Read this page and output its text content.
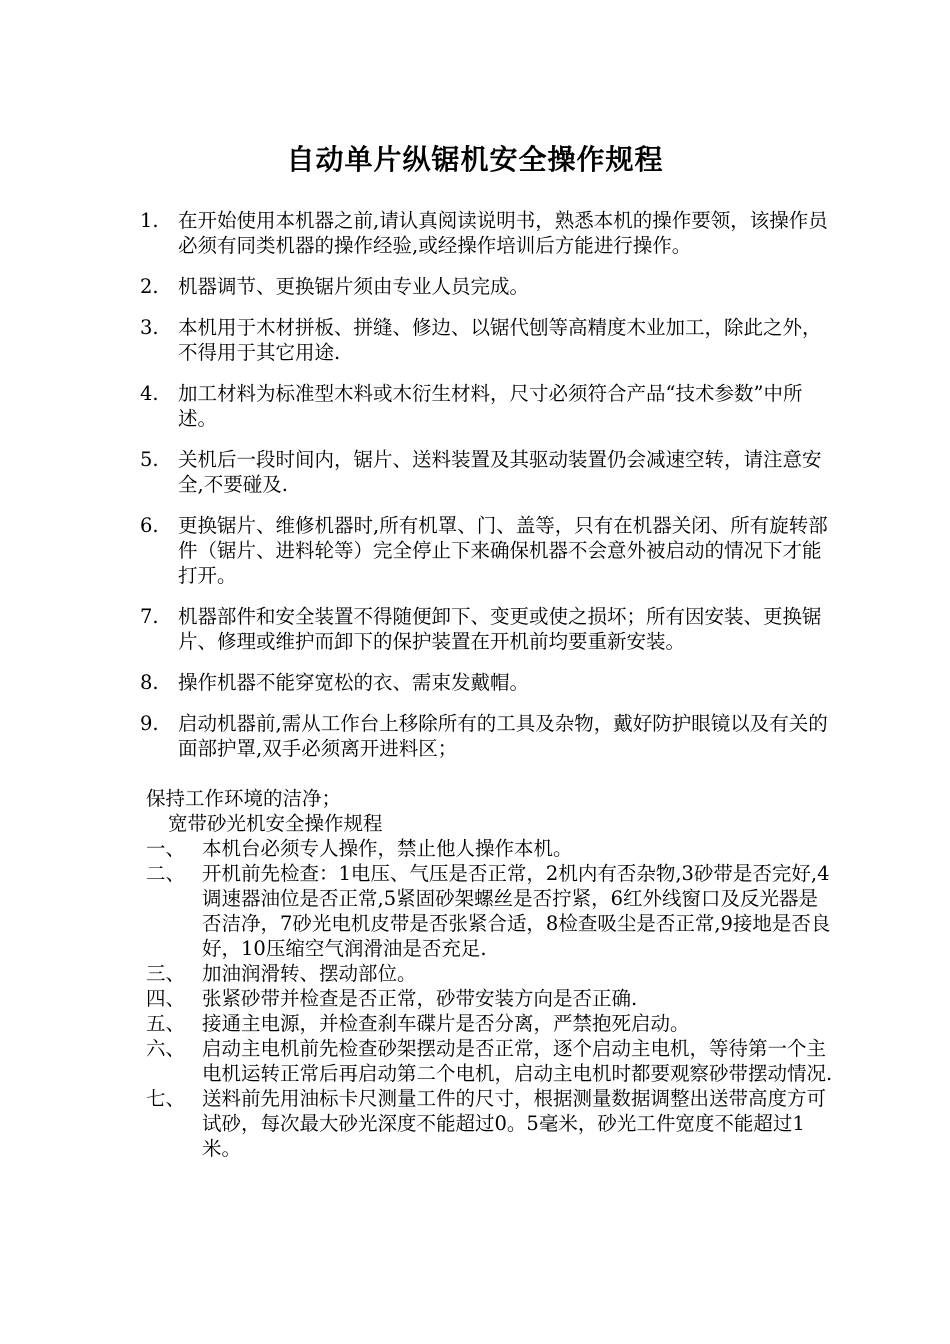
自动单片纵锯机安全操作规程
1. 在开始使用本机器之前,请认真阅读说明书，熟悉本机的操作要领，该操作员必须有同类机器的操作经验,或经操作培训后方能进行操作。
2. 机器调节、更换锯片须由专业人员完成。
3. 本机用于木材拼板、拼缝、修边、以锯代刨等高精度木业加工，除此之外，不得用于其它用途.
4. 加工材料为标准型木料或木衍生材料，尺寸必须符合产品“技术参数”中所述。
5. 关机后一段时间内，锯片、送料装置及其驱动装置仍会减速空转，请注意安全,不要碰及.
6. 更换锯片、维修机器时,所有机罩、门、盖等，只有在机器关闭、所有旋转部件（锯片、进料轮等）完全停止下来确保机器不会意外被启动的情况下才能打开。
7. 机器部件和安全装置不得随便卸下、变更或使之损坏；所有因安装、更换锯片、修理或维护而卸下的保护装置在开机前均要重新安装。
8. 操作机器不能穿宽松的衣、需束发戴帽。
9. 启动机器前,需从工作台上移除所有的工具及杂物，戴好防护眼镜以及有关的面部护罩,双手必须离开进料区；
保持工作环境的洁净；
宽带砂光机安全操作规程
一、 本机台必须专人操作，禁止他人操作本机。
二、 开机前先检查：1电压、气压是否正常，2机内有否杂物,3砂带是否完好,4调速器油位是否正常,5紧固砂架螺丝是否拧紧，6红外线窗口及反光器是否洁净，7砂光电机皮带是否张紧合适，8检查吸尘是否正常,9接地是否良好，10压缩空气润滑油是否充足.
三、 加油润滑转、摆动部位。
四、 张紧砂带并检查是否正常，砂带安装方向是否正确.
五、 接通主电源，并检查刹车碟片是否分离，严禁抱死启动。
六、 启动主电机前先检查砂架摆动是否正常，逐个启动主电机，等待第一个主电机运转正常后再启动第二个电机，启动主电机时都要观察砂带摆动情况.
七、 送料前先用油标卡尺测量工件的尺寸，根据测量数据调整出送带高度方可试砂，每次最大砂光深度不能超过0。5毫米，砂光工件宽度不能超过1米。
